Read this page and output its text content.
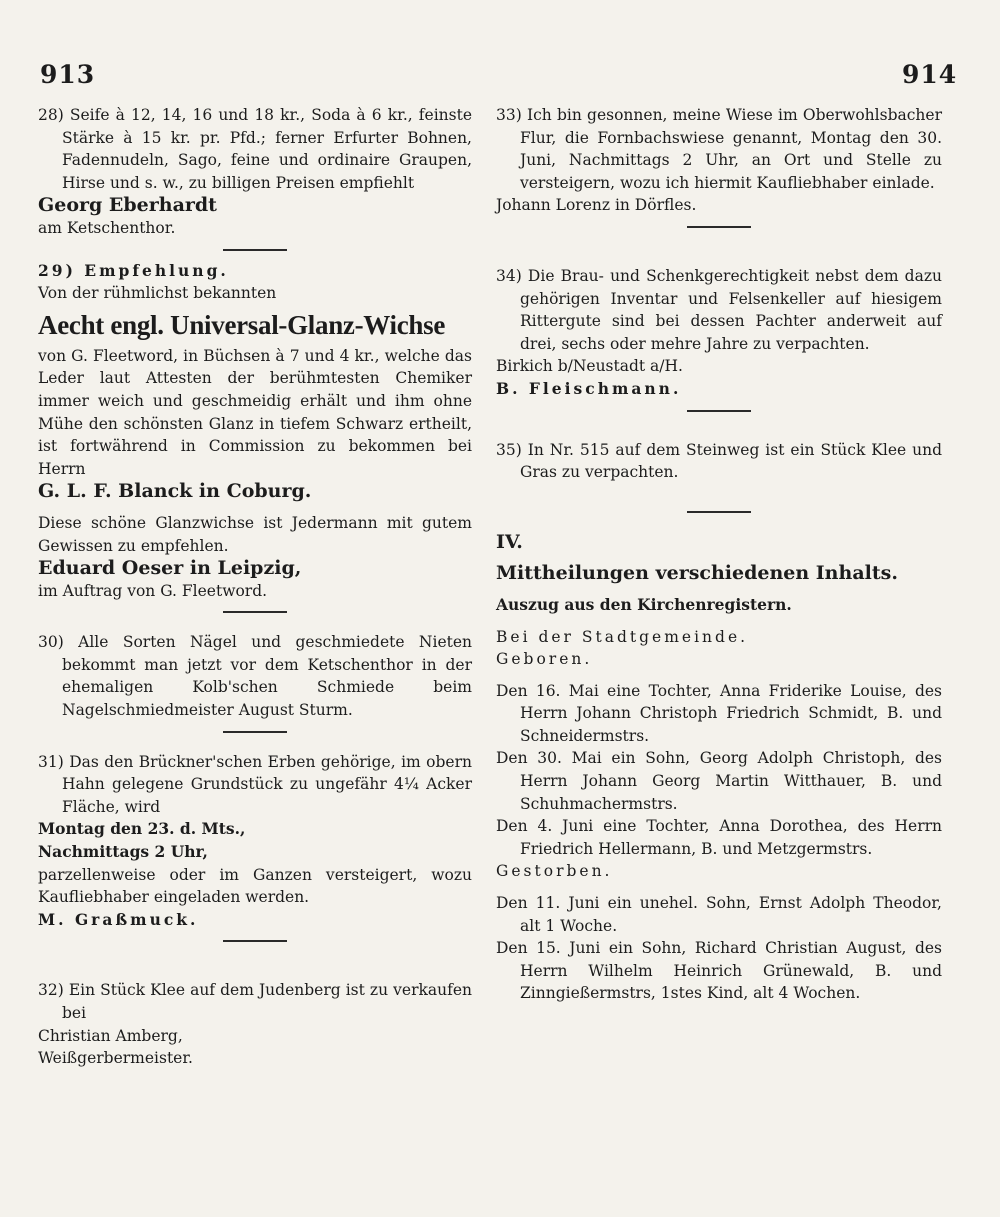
913	914

28) Seife à 12, 14, 16 und 18 kr., Soda à 6 kr., feinste Stärke à 15 kr. pr. Pfd.; ferner Erfurter Bohnen, Fadennudeln, Sago, feine und ordinaire Graupen, Hirse und s. w., zu billigen Preisen empfiehlt

Georg Eberhardt

am Ketschenthor.

29) Empfehlung.

Von der rühmlichst bekannten

Aecht engl. Universal-Glanz-Wichse

von G. Fleetword, in Büchsen à 7 und 4 kr., welche das Leder laut Attesten der berühmtesten Chemiker immer weich und geschmeidig erhält und ihm ohne Mühe den schönsten Glanz in tiefem Schwarz ertheilt, ist fortwährend in Commission zu bekommen bei Herrn

G. L. F. Blanck in Coburg.

Diese schöne Glanzwichse ist Jedermann mit gutem Gewissen zu empfehlen.

Eduard Oeser in Leipzig,

im Auftrag von G. Fleetword.

30) Alle Sorten Nägel und geschmiedete Nieten bekommt man jetzt vor dem Ketschenthor in der ehemaligen Kolb'schen Schmiede beim Nagelschmiedmeister August Sturm.

31) Das den Brückner'schen Erben gehörige, im obern Hahn gelegene Grundstück zu ungefähr 4¼ Acker Fläche, wird

Montag den 23. d. Mts.,

Nachmittags 2 Uhr,

parzellenweise oder im Ganzen versteigert, wozu Kaufliebhaber eingeladen werden.

M. Graßmuck.

32) Ein Stück Klee auf dem Judenberg ist zu verkaufen bei

Christian Amberg,

Weißgerbermeister.

33) Ich bin gesonnen, meine Wiese im Oberwohlsbacher Flur, die Fornbachswiese genannt, Montag den 30. Juni, Nachmittags 2 Uhr, an Ort und Stelle zu versteigern, wozu ich hiermit Kaufliebhaber einlade.

Johann Lorenz in Dörfles.

34) Die Brau- und Schenkgerechtigkeit nebst dem dazu gehörigen Inventar und Felsenkeller auf hiesigem Rittergute sind bei dessen Pachter anderweit auf drei, sechs oder mehre Jahre zu verpachten.

Birkich b/Neustadt a/H.

B. Fleischmann.

35) In Nr. 515 auf dem Steinweg ist ein Stück Klee und Gras zu verpachten.

IV.

Mittheilungen verschiedenen Inhalts.

Auszug aus den Kirchenregistern.

Bei der Stadtgemeinde.

Geboren.

Den 16. Mai eine Tochter, Anna Friderike Louise, des Herrn Johann Christoph Friedrich Schmidt, B. und Schneidermstrs.

Den 30. Mai ein Sohn, Georg Adolph Christoph, des Herrn Johann Georg Martin Witthauer, B. und Schuhmachermstrs.

Den 4. Juni eine Tochter, Anna Dorothea, des Herrn Friedrich Hellermann, B. und Metzgermstrs.

Gestorben.

Den 11. Juni ein unehel. Sohn, Ernst Adolph Theodor, alt 1 Woche.

Den 15. Juni ein Sohn, Richard Christian August, des Herrn Wilhelm Heinrich Grünewald, B. und Zinngießermstrs, 1stes Kind, alt 4 Wochen.
